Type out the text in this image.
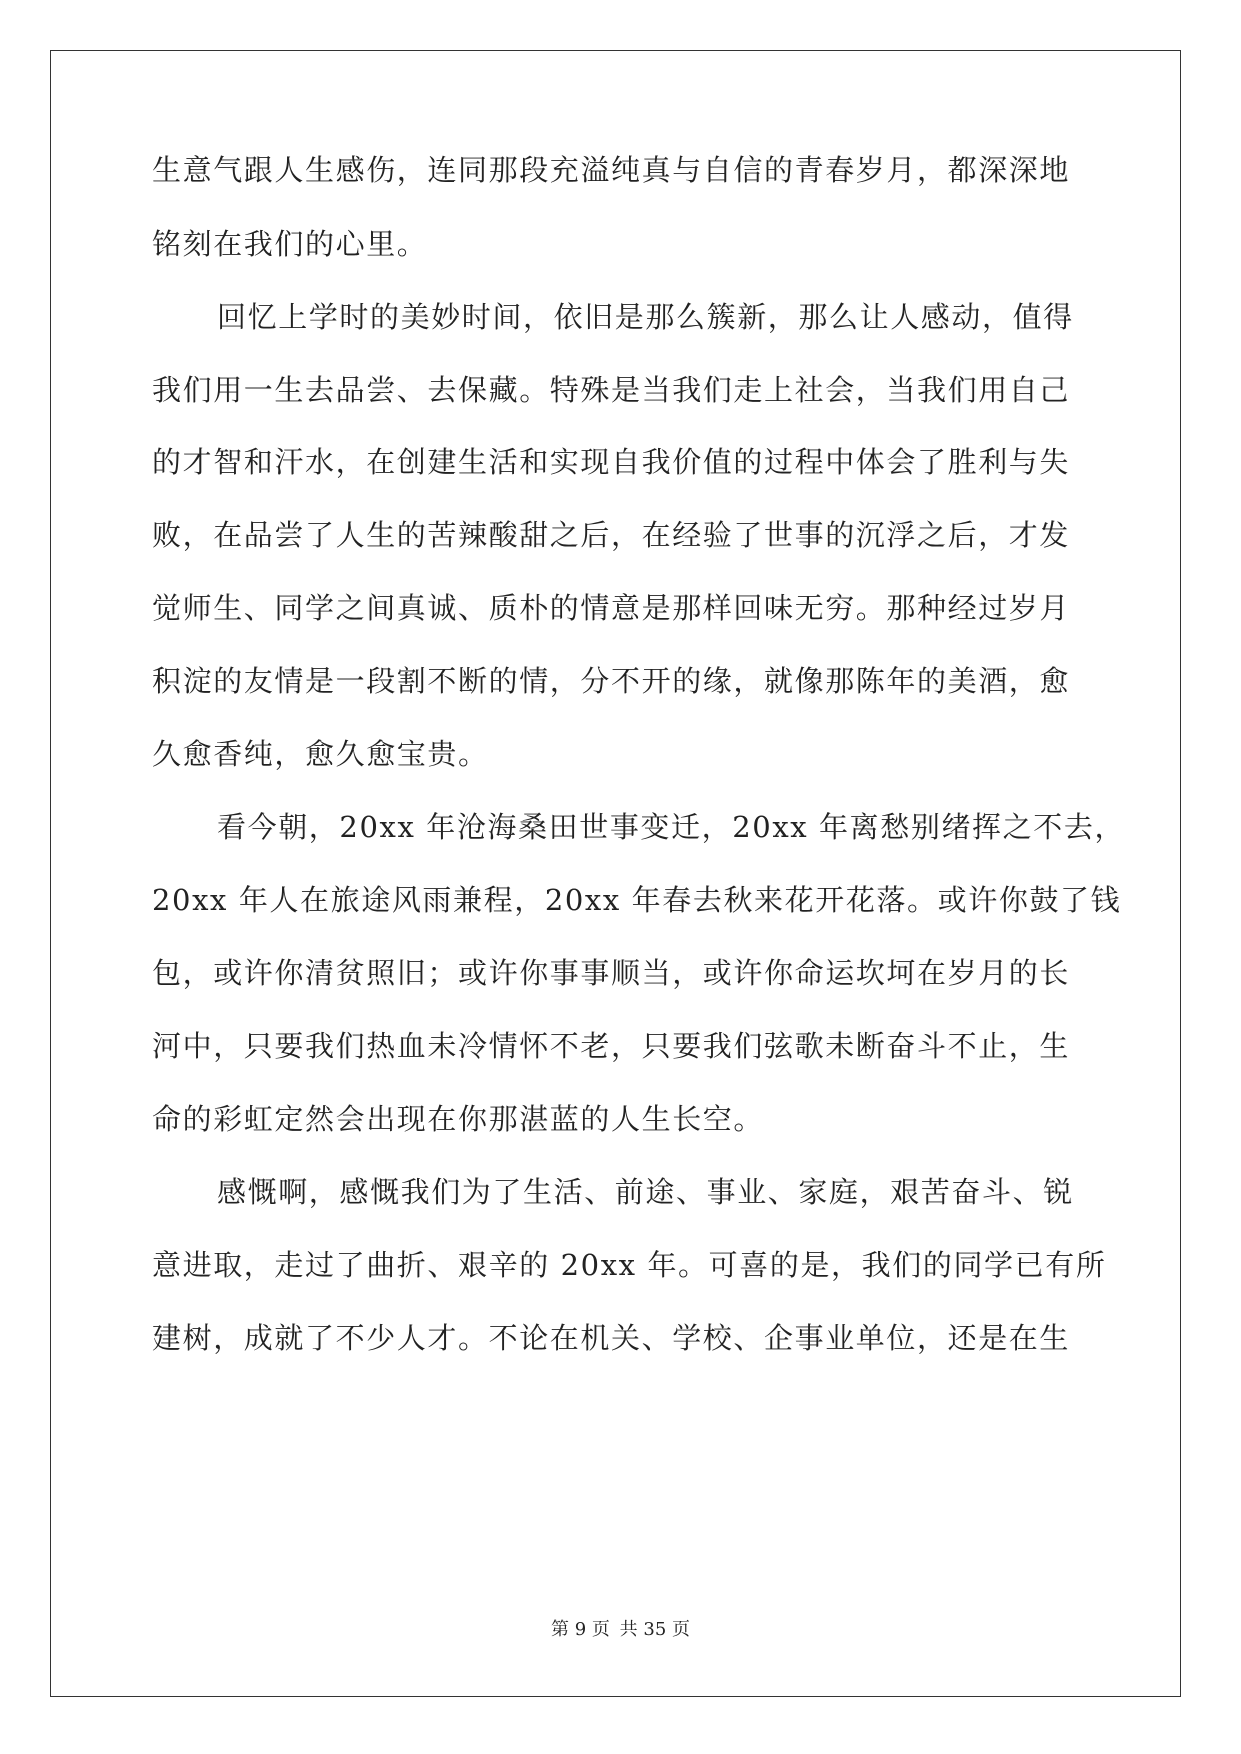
生意气跟人生感伤，连同那段充溢纯真与自信的青春岁月，都深深地
铭刻在我们的心里。
回忆上学时的美妙时间，依旧是那么簇新，那么让人感动，值得
我们用一生去品尝、去保藏。特殊是当我们走上社会，当我们用自己
的才智和汗水，在创建生活和实现自我价值的过程中体会了胜利与失
败，在品尝了人生的苦辣酸甜之后，在经验了世事的沉浮之后，才发
觉师生、同学之间真诚、质朴的情意是那样回味无穷。那种经过岁月
积淀的友情是一段割不断的情，分不开的缘，就像那陈年的美酒，愈
久愈香纯，愈久愈宝贵。
看今朝，20xx 年沧海桑田世事变迁，20xx 年离愁别绪挥之不去，
20xx 年人在旅途风雨兼程，20xx 年春去秋来花开花落。或许你鼓了钱
包，或许你清贫照旧；或许你事事顺当，或许你命运坎坷在岁月的长
河中，只要我们热血未冷情怀不老，只要我们弦歌未断奋斗不止，生
命的彩虹定然会出现在你那湛蓝的人生长空。
感慨啊，感慨我们为了生活、前途、事业、家庭，艰苦奋斗、锐
意进取，走过了曲折、艰辛的 20xx 年。可喜的是，我们的同学已有所
建树，成就了不少人才。不论在机关、学校、企事业单位，还是在生
第 9 页 共 35 页
